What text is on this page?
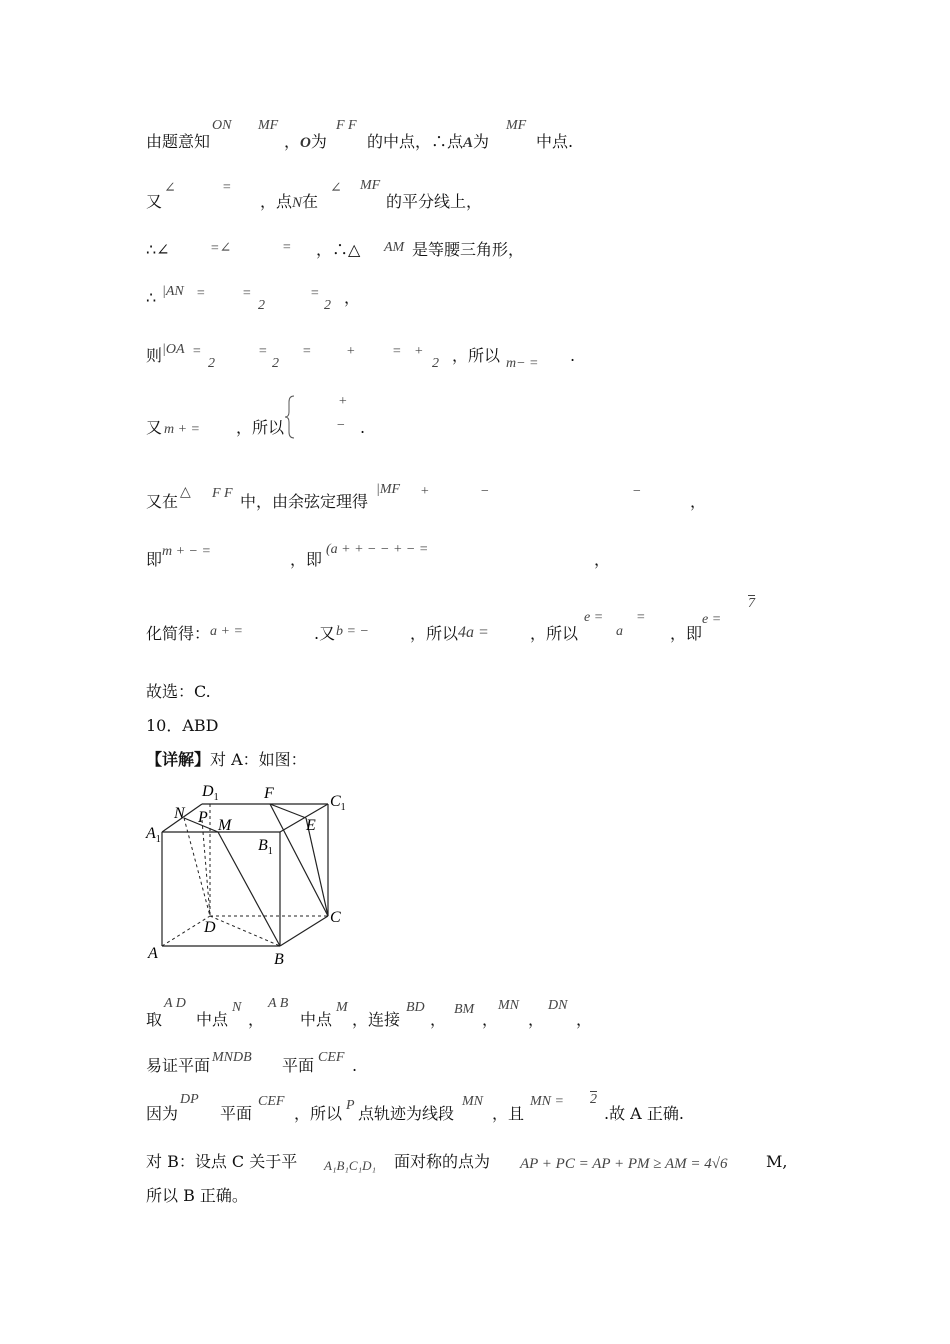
由题意知
ON MF
，O为
F F
的中点，∴点A为
MF
中点.
又
∠	=
，点N在
∠ MF
的平分线上，
∴∠	=∠	= ，∴△ AM 是等腰三角形，
∴ |AN =	=
2
=
2 ，
则 |OA =
2
=
2
= +	= +
2 ，所以 m− = .
又 m + = ，所以
+
− .
又在 △ F F 中，由余弦定理得
|MF +	−	−
，
即 m + − =	，即
(a + + − − + − =
，
化简得： a + =	.又 b = −	，所以 4a =	，所以
e =
a
=
，即
e =
7
故选：C.
10．ABD
【详解】对 A：如图：
$D_1$	F	$C_1$
N P M	E
$A_1$	$B_1$
D
C
A	B
取
A D
中点
N
，
A B
中点
M
，连接
BD
，
BM
，
MN
，
DN
，
易证平面 MNDB 平面 CEF .
因为
DP
平面
CEF
，所以 P 点轨迹为线段
MN
，且
MN = 2
.故 A 正确.
对 B：设点 C 关于平 A₁B₁C₁D₁ 面对称的点为 AP + PC = AP + PM ≥ AM = 4√6 M,
所以 B 正确。
